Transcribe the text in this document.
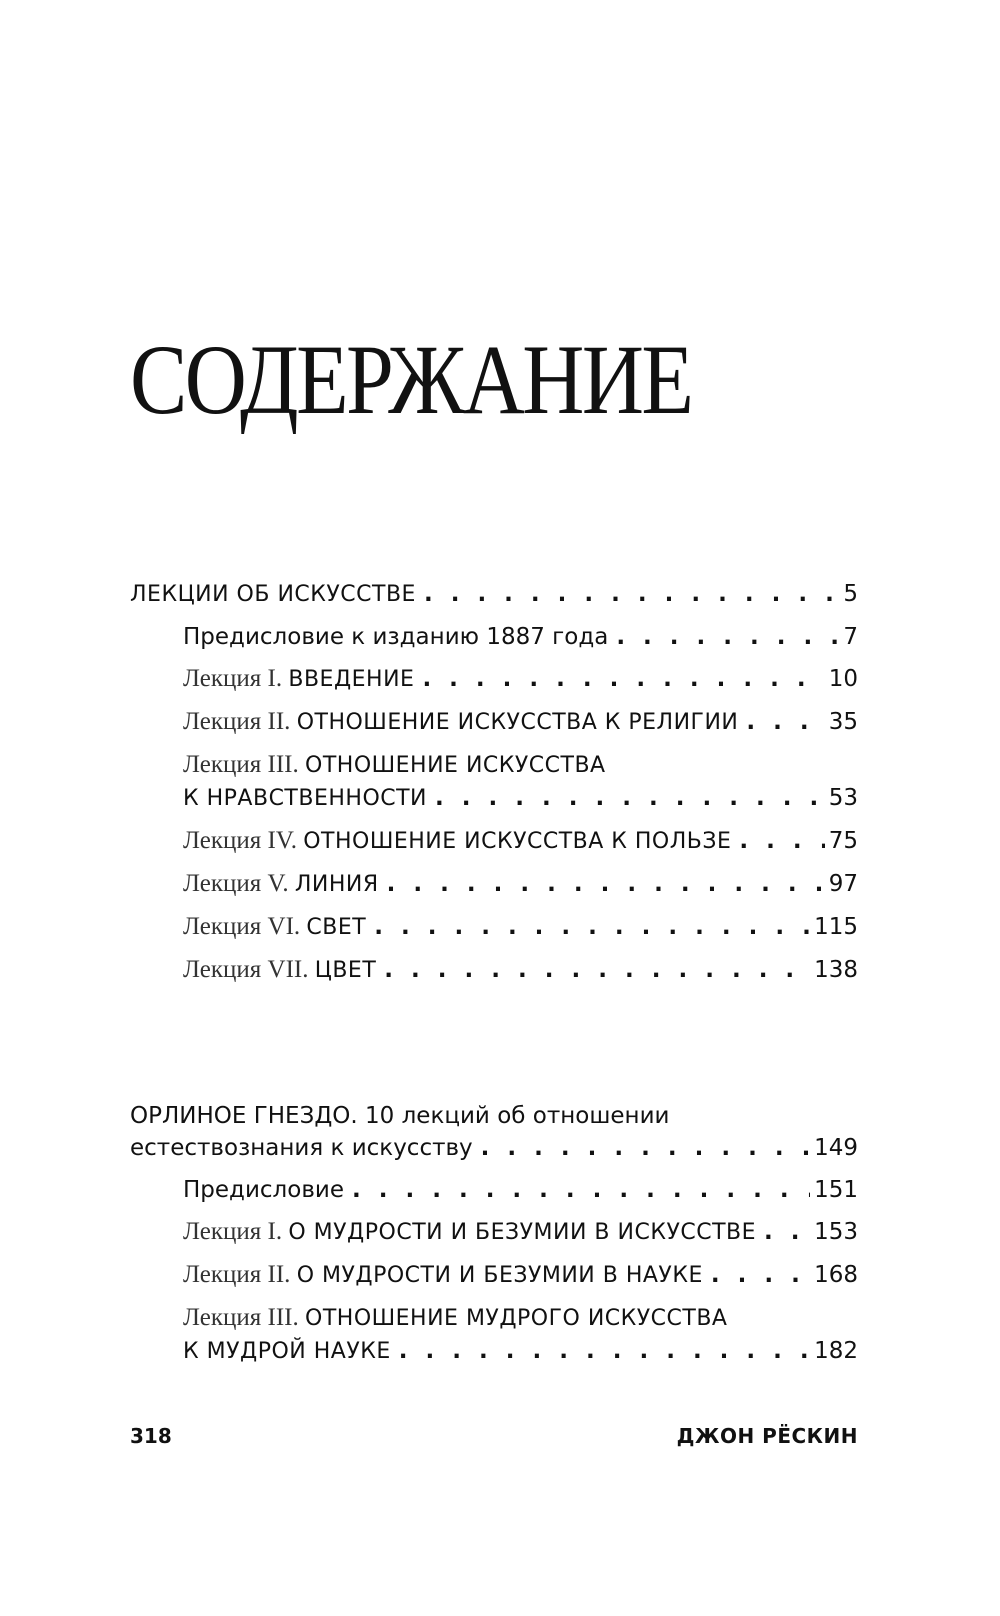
СОДЕРЖАНИЕ
ЛЕКЦИИ ОБ ИСКУССТВЕ . . .	5
Предисловие к изданию 1887 года . . .	7
Лекция I. ВВЕДЕНИЕ . . .	10
Лекция II. ОТНОШЕНИЕ ИСКУССТВА К РЕЛИГИИ . . .	35
Лекция III. ОТНОШЕНИЕ ИСКУССТВА
К НРАВСТВЕННОСТИ . . .	53
Лекция IV. ОТНОШЕНИЕ ИСКУССТВА К ПОЛЬЗЕ . . .	75
Лекция V. ЛИНИЯ . . .	97
Лекция VI. СВЕТ . . .	115
Лекция VII. ЦВЕТ . . .	138
ОРЛИНОЕ ГНЕЗДО. 10 лекций об отношении
естествознания к искусству . . .	149
Предисловие . . .	151
Лекция I. О МУДРОСТИ И БЕЗУМИИ В ИСКУССТВЕ . . .	153
Лекция II. О МУДРОСТИ И БЕЗУМИИ В НАУКЕ . . .	168
Лекция III. ОТНОШЕНИЕ МУДРОГО ИСКУССТВА
К МУДРОЙ НАУКЕ . . .	182
318	ДЖОН РЁСКИН
